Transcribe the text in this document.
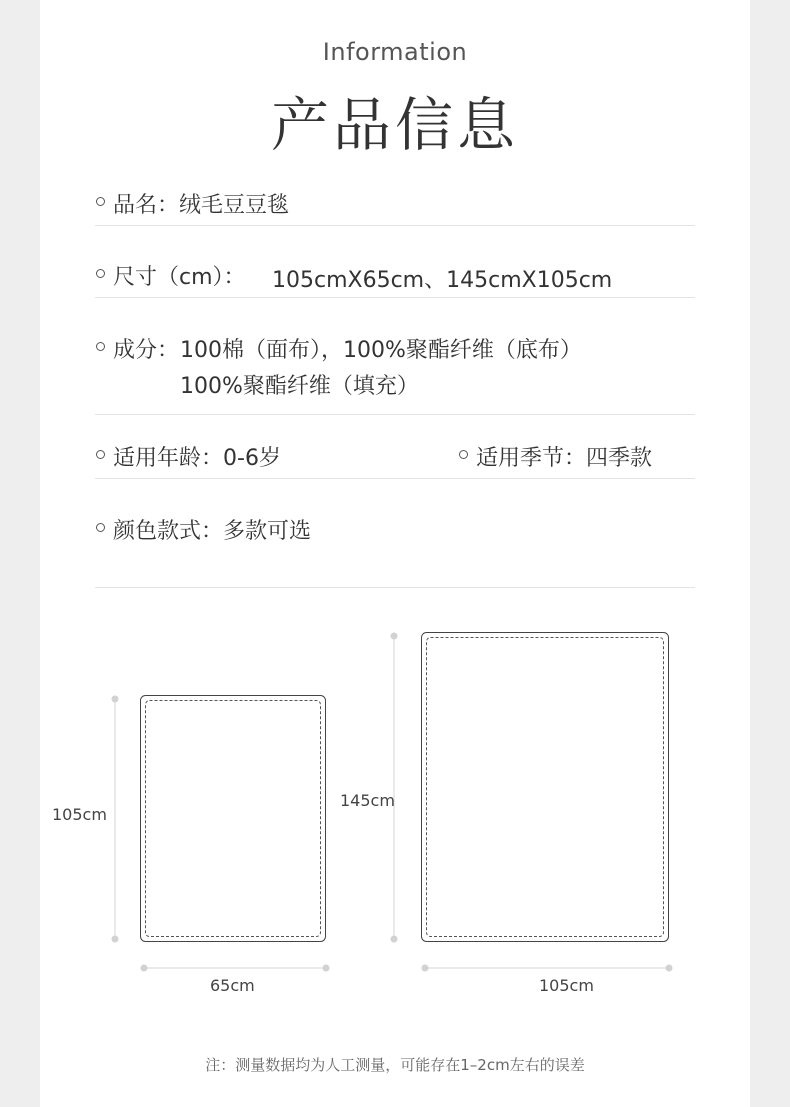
Information
产品信息
品名：绒毛豆豆毯
尺寸（cm）： 105cmX65cm、145cmX105cm
成分： 100棉（面布），100%聚酯纤维（底布）
100%聚酯纤维（填充）
适用年龄：0-6岁	适用季节：四季款
颜色款式：多款可选
105cm
65cm
145cm
105cm
注：测量数据均为人工测量，可能存在1–2cm左右的误差
